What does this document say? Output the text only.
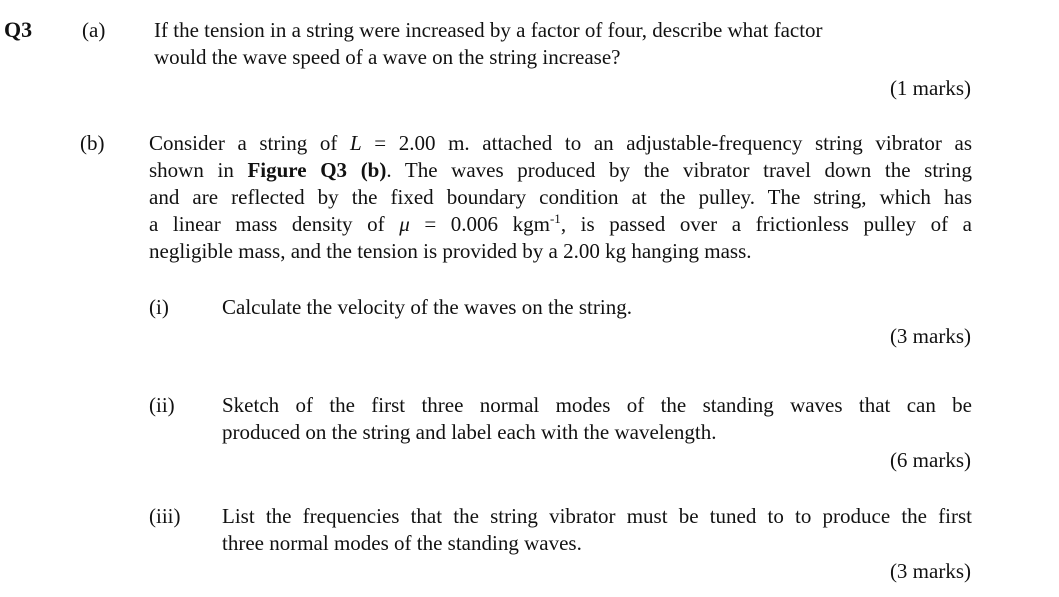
Q3 (a) If the tension in a string were increased by a factor of four, describe what factor
would the wave speed of a wave on the string increase?
(1 marks)
(b) Consider a string of L = 2.00 m. attached to an adjustable-frequency string vibrator as
shown in Figure Q3 (b). The waves produced by the vibrator travel down the string
and are reflected by the fixed boundary condition at the pulley. The string, which has
a linear mass density of μ = 0.006 kgm$^{-1}$, is passed over a frictionless pulley of a
negligible mass, and the tension is provided by a 2.00 kg hanging mass.
(i)	Calculate the velocity of the waves on the string.
(3 marks)
(ii) Sketch of the first three normal modes of the standing waves that can be
produced on the string and label each with the wavelength.
(6 marks)
(iii) List the frequencies that the string vibrator must be tuned to to produce the first
three normal modes of the standing waves.
(3 marks)
